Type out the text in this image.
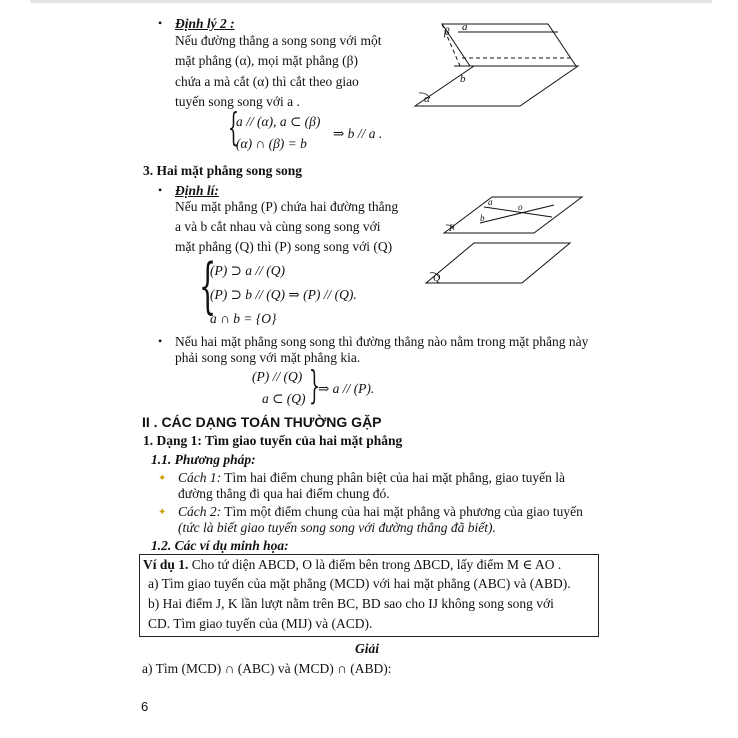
• Định lý 2 :
Nếu đường thẳng a song song với một
mặt phẳng (α), mọi mặt phẳng (β)
chứa a mà cắt (α) thì cắt theo giao
tuyến song song với a .
{
a // (α), a ⊂ (β)
(α) ∩ (β) = b
⇒ b // a .
β a
b
α
3. Hai mặt phẳng song song
• Định lí:
Nếu mặt phẳng (P) chứa hai đường thẳng
a và b cắt nhau và cùng song song với
mặt phẳng (Q) thì (P) song song với (Q)
{
(P) ⊃ a // (Q)
(P) ⊃ b // (Q) ⇒ (P) // (Q).
a ∩ b = {O}
a	o
b
P
Q
• Nếu hai mặt phẳng song song thì đường thẳng nào nằm trong mặt phẳng này
phải song song với mặt phẳng kia.
(P) // (Q)
a ⊂ (Q) }
⇒ a // (P).
II . CÁC DẠNG TOÁN THƯỜNG GẶP
1. Dạng 1: Tìm giao tuyến của hai mặt phẳng
1.1. Phương pháp:
✦ Cách 1: Tìm hai điểm chung phân biệt của hai mặt phẳng, giao tuyến là
đường thẳng đi qua hai điểm chung đó.
✦ Cách 2: Tìm một điểm chung của hai mặt phẳng và phương của giao tuyến
(tức là biết giao tuyến song song với đường thẳng đã biết).
1.2. Các ví dụ minh họa:
Ví dụ 1. Cho tứ diện ABCD, O là điểm bên trong ΔBCD, lấy điểm M ∈ AO .
a) Tìm giao tuyến của mặt phẳng (MCD) với hai mặt phẳng (ABC) và (ABD).
b) Hai điểm J, K lần lượt nằm trên BC, BD sao cho IJ không song song với
CD. Tìm giao tuyến của (MIJ) và (ACD).
Giải
a) Tìm (MCD) ∩ (ABC) và (MCD) ∩ (ABD):
6
